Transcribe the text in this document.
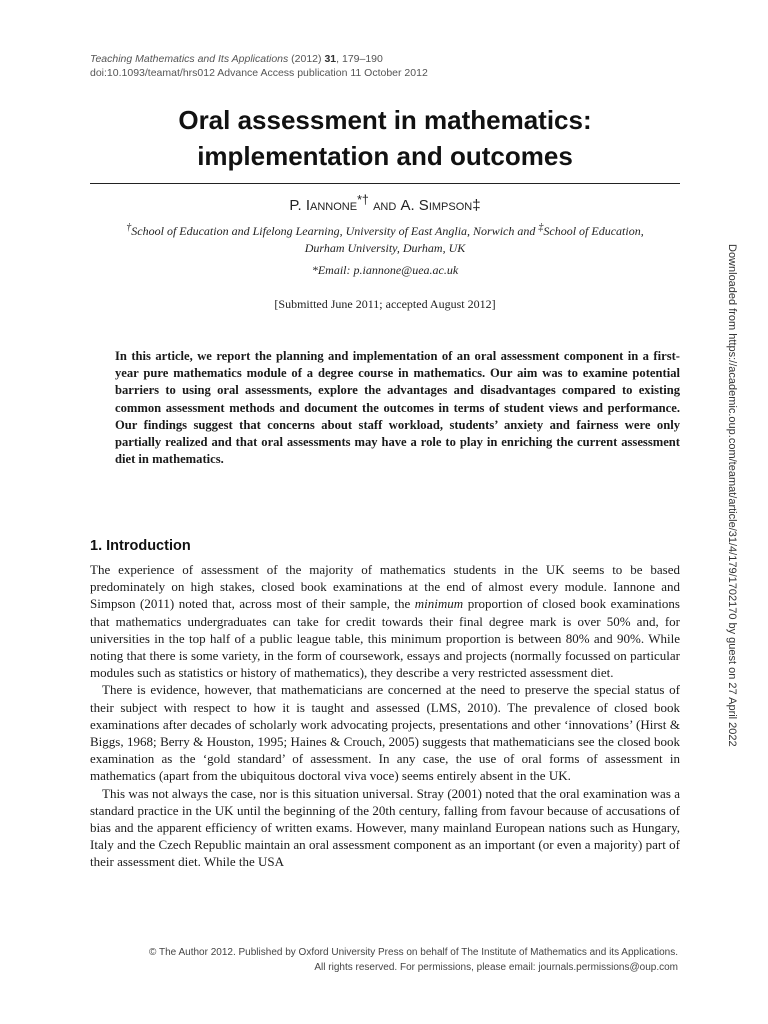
Teaching Mathematics and Its Applications (2012) 31, 179–190
doi:10.1093/teamat/hrs012 Advance Access publication 11 October 2012
Oral assessment in mathematics:
implementation and outcomes
P. Iannone*† and A. Simpson‡
†School of Education and Lifelong Learning, University of East Anglia, Norwich and ‡School of Education,
Durham University, Durham, UK
*Email: p.iannone@uea.ac.uk
[Submitted June 2011; accepted August 2012]
In this article, we report the planning and implementation of an oral assessment component in a first-year pure mathematics module of a degree course in mathematics. Our aim was to examine potential barriers to using oral assessments, explore the advantages and disadvantages compared to existing common assessment methods and document the outcomes in terms of student views and performance. Our findings suggest that concerns about staff workload, students’ anxiety and fairness were only partially realized and that oral assessments may have a role to play in enriching the current assessment diet in mathematics.
1. Introduction

The experience of assessment of the majority of mathematics students in the UK seems to be based predominately on high stakes, closed book examinations at the end of almost every module. Iannone and Simpson (2011) noted that, across most of their sample, the minimum proportion of closed book examinations that mathematics undergraduates can take for credit towards their final degree mark is over 50% and, for universities in the top half of a public league table, this minimum proportion is between 80% and 90%. While noting that there is some variety, in the form of coursework, essays and projects (normally focussed on particular modules such as statistics or history of mathematics), they describe a very restricted assessment diet.

There is evidence, however, that mathematicians are concerned at the need to preserve the special status of their subject with respect to how it is taught and assessed (LMS, 2010). The prevalence of closed book examinations after decades of scholarly work advocating projects, presentations and other ‘innovations’ (Hirst & Biggs, 1968; Berry & Houston, 1995; Haines & Crouch, 2005) suggests that mathematicians see the closed book examination as the ‘gold standard’ of assessment. In any case, the use of oral forms of assessment in mathematics (apart from the ubiquitous doctoral viva voce) seems entirely absent in the UK.

This was not always the case, nor is this situation universal. Stray (2001) noted that the oral examination was a standard practice in the UK until the beginning of the 20th century, falling from favour because of accusations of bias and the apparent efficiency of written exams. However, many mainland European nations such as Hungary, Italy and the Czech Republic maintain an oral assessment component as an important (or even a majority) part of their assessment diet. While the USA

© The Author 2012. Published by Oxford University Press on behalf of The Institute of Mathematics and its Applications.
All rights reserved. For permissions, please email: journals.permissions@oup.com
Downloaded from https://academic.oup.com/teamat/article/31/4/179/1702170 by guest on 27 April 2022
